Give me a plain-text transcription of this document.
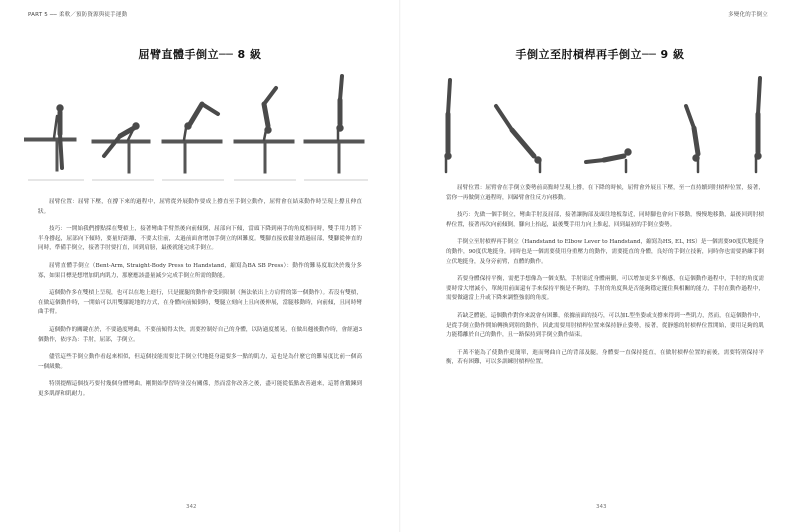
PART 5 ── 柔軟／預防資源與徒手運動
屈臂直體手倒立── 8 級

屈臂位置：屈臂下壓，在撐下來的過程中，屈臂從外展動作要成上撐直至手倒立動作，屈臂會在結束動作時呈現上撐且伸直狀。

技巧：一開始我們撐點採在雙槓上，接著彎曲手臂然後向前傾倒，屈部向下傾，當頭下降到兩手的角度相同時，雙手用力將下半身撐起，屈部向下傾時，要量好距離，不要太往前，太過前面會增加手倒立的困難度。雙腳直接放鬆並踏過屈部，雙腳從伸直的同時，準備手倒立，接著手肘要打直，回到肩膀，最後就能完成手倒立。

屈臂直體手倒立（Bent-Arm, Straight-Body Press to Handstand，縮寫為BA SB Press）：動作的難易度取決於幾分多寡，如果目標是想增加肌肉肌力，那麼應該盡量減少完成手倒立所需的動能。

這個動作多在雙槓上呈現，也可以在地上進行，只是擺腿的動作會受到限制（無法依出上方肩臂的第一個動作）。若沒有雙槓，在做這個動作時，一開始可以用雙膝跪地的方式，在身體向前傾倒時，雙腿立刻向上且向後伸展，當腿移動時，向前傾，且同時彎曲手臂。

這個動作的關鍵在於，不要過度彎曲，不要前傾得太快，需要控制好自己的身體，以防過度搖晃，在做出翹後動作時，會經過3個動作，依序為：手肘，屈部，手倒立。

儘管這些手倒立動作看起來相似，但這個技能需要比手倒立代地挺身還要多一點的肌力，這也是為什麼它的難易度比前一個高一個級數。

特別提醒這個技巧要付幾個身體彎曲，剛開始學習時並沒有關係，然而當你改善之後，盡可能從低點改善過來，這將會鍛鍊到更多肌群和肌耐力。

342
多變化的手倒立
手倒立至肘槓桿再手倒立── 9 級

屈臂位置：屈臂會在手倒立姿勢前高點時呈現上撐，在下降的時候，屈臂會外展且下壓，至一直持續到肘槓桿位置，接著，當你一再做倒立過程時，回歸臂會往反方向移動。

技巧：先做一個手倒立，彎曲手肘及屈部，接著讓胸部及頭往地板靠近，同時腳也會向下移動，慢慢地移動，最後回到肘槓桿位置，接著再次向前傾倒，腳向上抬起，最後雙手用力向上推起，回到最初的手倒立姿勢。

手倒立至肘槓桿再手倒立（Handstand to Elbow Lever to Handstand，縮寫為HS, EL, HS）是一個需要90度伏地挺身的動作，90度伏地挺身，同時也是一個需要使用身重壓力的動作，需要挺直的身體，良好的手倒立技術，同時你也需要熟練手倒立伏地挺身，及身旁前臂，直體的動作。

若要身體保持平衡，需把手想像為一個支點，手肘貼近身體兩側，可以增加更多平衡感，在這個動作過程中，手肘的角度需要時常大增減小，單純用前面還有手來保持平衡是不夠的，手肘的角度與是否能夠穩定擺住與相關的能力，手肘在動作過程中，需要做適當上升或下降來調整強弱的角度。

若缺乏體能，這個動作對你來說會有困難，依據前面的技巧，可以加L型坐姿或支撐來得到一些肌力，然而，在這個動作中，是從手倒立動作開始轉換到別的動作，因此需要用肘槓桿位置來保持靜止姿勢，接著，從靜態的肘槓桿位置開始，要用足夠的肌力能穩離於自己的動作，且一路保持到手倒立動作結束。

千萬不能為了使動作更簡單，進而彎曲自己的背部及腿，身體要一直保持挺直，在做肘槓桿位置的前後，需要特別保持平衡，若有困難，可以多訓練肘槓桿位置。

343
